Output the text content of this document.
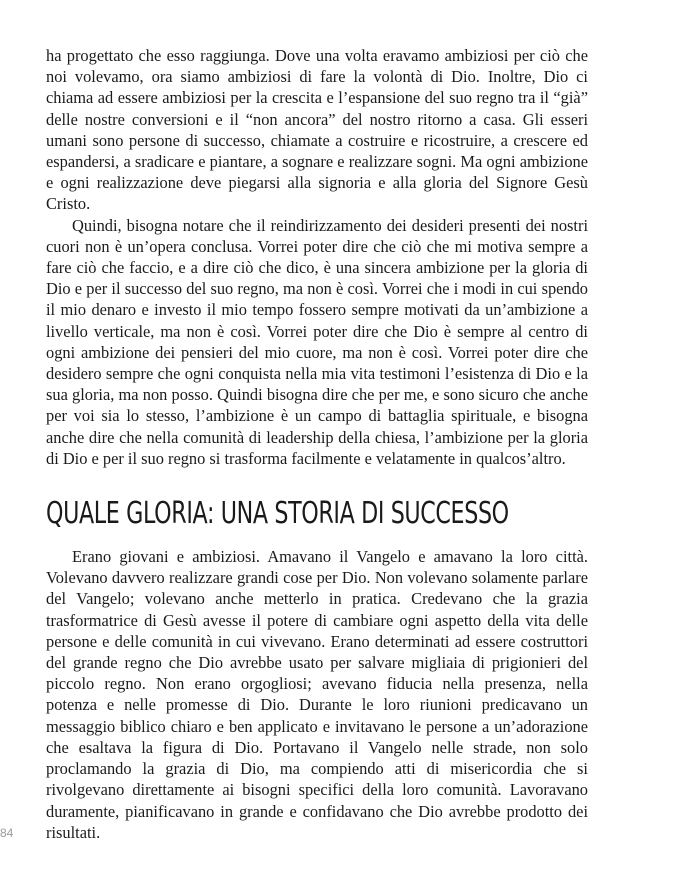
ha progettato che esso raggiunga. Dove una volta eravamo ambiziosi per ciò che noi volevamo, ora siamo ambiziosi di fare la volontà di Dio. Inoltre, Dio ci chiama ad essere ambiziosi per la crescita e l’espansione del suo regno tra il “già” delle nostre conversioni e il “non ancora” del nostro ritorno a casa. Gli esseri umani sono persone di successo, chiamate a costruire e ricostruire, a crescere ed espandersi, a sradicare e piantare, a sognare e realizzare sogni. Ma ogni ambizione e ogni realizzazione deve piegarsi alla signoria e alla gloria del Signore Gesù Cristo.

Quindi, bisogna notare che il reindirizzamento dei desideri presenti dei nostri cuori non è un’opera conclusa. Vorrei poter dire che ciò che mi motiva sempre a fare ciò che faccio, e a dire ciò che dico, è una sincera ambizione per la gloria di Dio e per il successo del suo regno, ma non è così. Vorrei che i modi in cui spendo il mio denaro e investo il mio tempo fossero sempre motivati da un’ambizione a livello verticale, ma non è così. Vorrei poter dire che Dio è sempre al centro di ogni ambizione dei pensieri del mio cuore, ma non è così. Vorrei poter dire che desidero sempre che ogni conquista nella mia vita testimoni l’esistenza di Dio e la sua gloria, ma non posso. Quindi bisogna dire che per me, e sono sicuro che anche per voi sia lo stesso, l’ambizione è un campo di battaglia spirituale, e bisogna anche dire che nella comunità di leadership della chiesa, l’ambizione per la gloria di Dio e per il suo regno si trasforma facilmente e velatamente in qualcos’altro.

QUALE GLORIA: UNA STORIA DI SUCCESSO

Erano giovani e ambiziosi. Amavano il Vangelo e amavano la loro città. Volevano davvero realizzare grandi cose per Dio. Non volevano solamente parlare del Vangelo; volevano anche metterlo in pratica. Credevano che la grazia trasformatrice di Gesù avesse il potere di cambiare ogni aspetto della vita delle persone e delle comunità in cui vivevano. Erano determinati ad essere costruttori del grande regno che Dio avrebbe usato per salvare migliaia di prigionieri del piccolo regno. Non erano orgogliosi; avevano fiducia nella presenza, nella potenza e nelle promesse di Dio. Durante le loro riunioni predicavano un messaggio biblico chiaro e ben applicato e invitavano le persone a un’adorazione che esaltava la figura di Dio. Portavano il Vangelo nelle strade, non solo proclamando la grazia di Dio, ma compiendo atti di misericordia che si rivolgevano direttamente ai bisogni specifici della loro comunità. Lavoravano duramente, pianificavano in grande e confidavano che Dio avrebbe prodotto dei risultati.

84
